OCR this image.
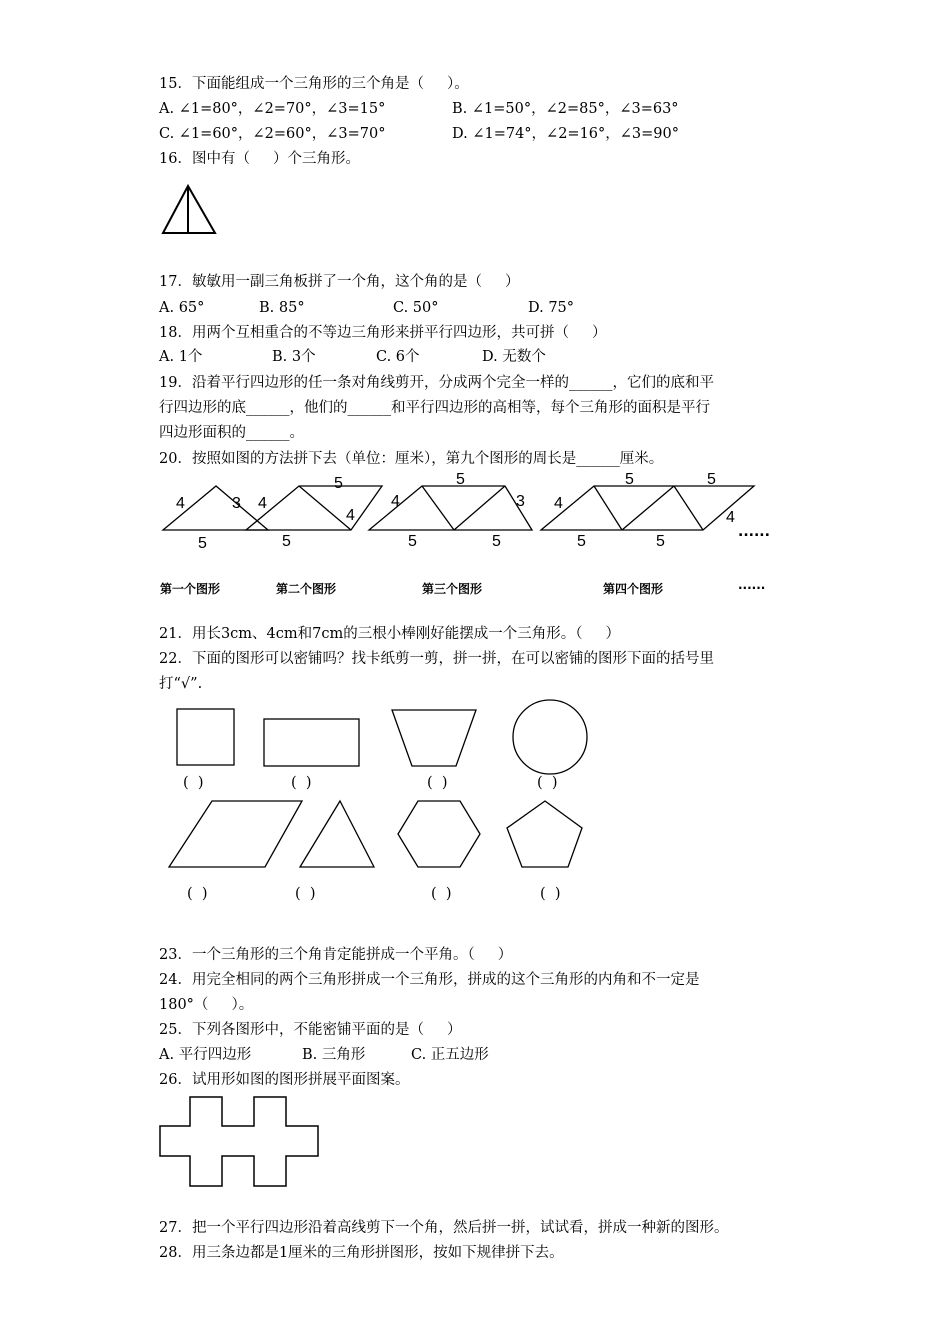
15．下面能组成一个三角形的三个角是（     ）。
A. ∠1=80°，∠2=70°，∠3=15°	B. ∠1=50°，∠2=85°，∠3=63°
C. ∠1=60°，∠2=60°，∠3=70°	D. ∠1=74°，∠2=16°，∠3=90°
16．图中有（     ）个三角形。
17．敏敏用一副三角板拼了一个角，这个角的是（     ）
A. 65°	B. 85°	C. 50°	D. 75°
18．用两个互相重合的不等边三角形来拼平行四边形，共可拼（     ）
A. 1个	B. 3个	C. 6个	D. 无数个
19．沿着平行四边形的任一条对角线剪开，分成两个完全一样的______，它们的底和平
行四边形的底______，他们的______和平行四边形的高相等，每个三角形的面积是平行
四边形面积的______。
20．按照如图的方法拼下去（单位：厘米），第九个图形的周长是______厘米。
4	3
5
4
5
4
5
4
5
3
5	5
4
5	5
4
5	5
......
第一个图形	第二个图形	第三个图形	第四个图形	......
21．用长3cm、4cm和7cm的三根小棒刚好能摆成一个三角形。（     ）
22．下面的图形可以密铺吗？找卡纸剪一剪，拼一拼，在可以密铺的图形下面的括号里
打“√”.
(  )	(  )	(  )	(  )
(  )	(  )	(  )	(  )
23．一个三角形的三个角肯定能拼成一个平角。（     ）
24．用完全相同的两个三角形拼成一个三角形，拼成的这个三角形的内角和不一定是
180°（     ）。
25．下列各图形中，不能密铺平面的是（     ）
A. 平行四边形	B. 三角形	C. 正五边形
26．试用形如图的图形拼展平面图案。
27．把一个平行四边形沿着高线剪下一个角，然后拼一拼，试试看，拼成一种新的图形。
28．用三条边都是1厘米的三角形拼图形，按如下规律拼下去。
